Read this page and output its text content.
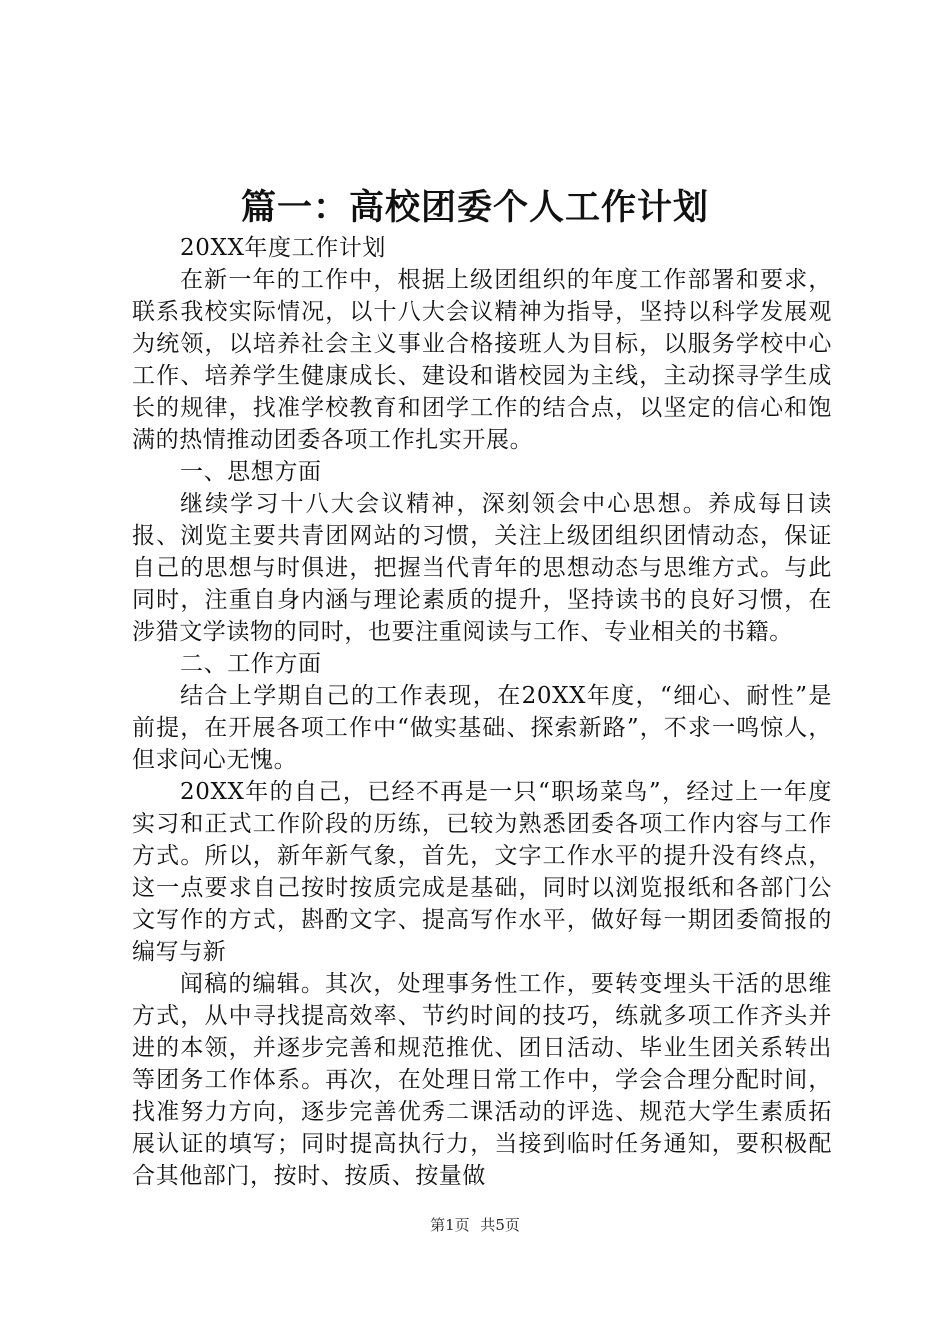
篇一：高校团委个人工作计划

20XX年度工作计划

在新一年的工作中，根据上级团组织的年度工作部署和要求，联系我校实际情况，以十八大会议精神为指导，坚持以科学发展观为统领，以培养社会主义事业合格接班人为目标，以服务学校中心工作、培养学生健康成长、建设和谐校园为主线，主动探寻学生成长的规律，找准学校教育和团学工作的结合点，以坚定的信心和饱满的热情推动团委各项工作扎实开展。

一、思想方面

继续学习十八大会议精神，深刻领会中心思想。养成每日读报、浏览主要共青团网站的习惯，关注上级团组织团情动态，保证自己的思想与时俱进，把握当代青年的思想动态与思维方式。与此同时，注重自身内涵与理论素质的提升，坚持读书的良好习惯，在涉猎文学读物的同时，也要注重阅读与工作、专业相关的书籍。

二、工作方面

结合上学期自己的工作表现，在20XX年度，“细心、耐性”是前提，在开展各项工作中“做实基础、探索新路”，不求一鸣惊人，但求问心无愧。

20XX年的自己，已经不再是一只“职场菜鸟”，经过上一年度实习和正式工作阶段的历练，已较为熟悉团委各项工作内容与工作方式。所以，新年新气象，首先，文字工作水平的提升没有终点，这一点要求自己按时按质完成是基础，同时以浏览报纸和各部门公文写作的方式，斟酌文字、提高写作水平，做好每一期团委简报的编写与新

闻稿的编辑。其次，处理事务性工作，要转变埋头干活的思维方式，从中寻找提高效率、节约时间的技巧，练就多项工作齐头并进的本领，并逐步完善和规范推优、团日活动、毕业生团关系转出等团务工作体系。再次，在处理日常工作中，学会合理分配时间，找准努力方向，逐步完善优秀二课活动的评选、规范大学生素质拓展认证的填写；同时提高执行力，当接到临时任务通知，要积极配合其他部门，按时、按质、按量做

第1页 共5页
